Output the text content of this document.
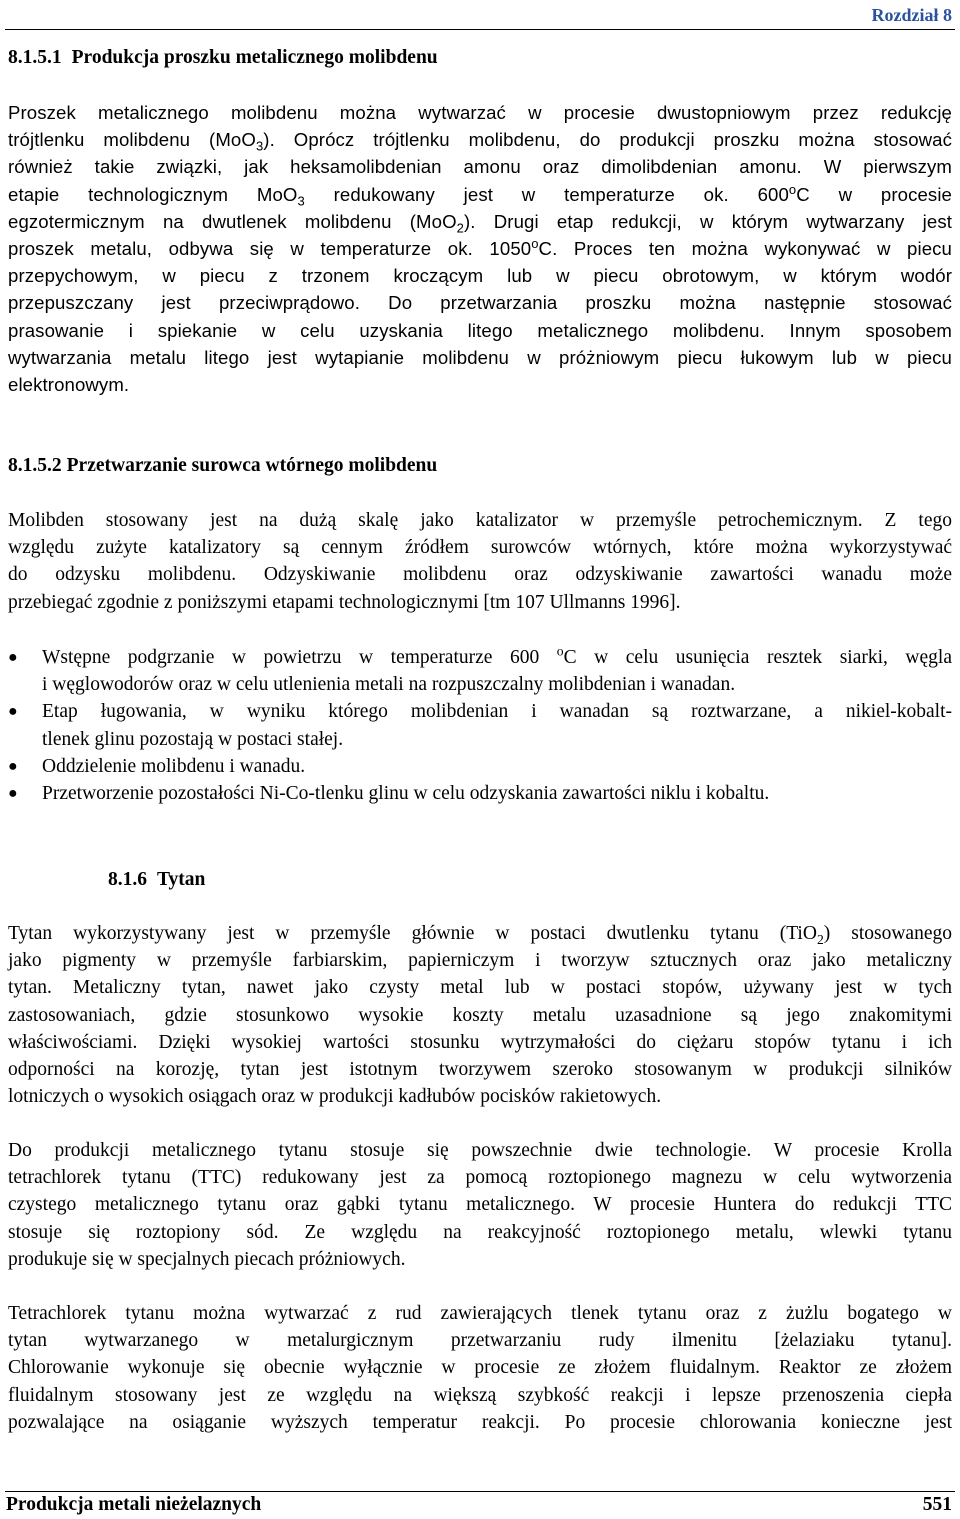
Rozdział 8
8.1.5.1 Produkcja proszku metalicznego molibdenu
Proszek metalicznego molibdenu można wytwarzać w procesie dwustopniowym przez redukcję
trójtlenku molibdenu (MoO$_3$). Oprócz trójtlenku molibdenu, do produkcji proszku można stosować
również takie związki, jak heksamolibdenian amonu oraz dimolibdenian amonu. W pierwszym
etapie technologicznym MoO$_3$ redukowany jest w temperaturze ok. 600$^o$C w procesie
egzotermicznym na dwutlenek molibdenu (MoO$_2$). Drugi etap redukcji, w którym wytwarzany jest
proszek metalu, odbywa się w temperaturze ok. 1050$^o$C. Proces ten można wykonywać w piecu
przepychowym, w piecu z trzonem kroczącym lub w piecu obrotowym, w którym wodór
przepuszczany jest przeciwprądowo. Do przetwarzania proszku można następnie stosować
prasowanie i spiekanie w celu uzyskania litego metalicznego molibdenu. Innym sposobem
wytwarzania metalu litego jest wytapianie molibdenu w próżniowym piecu łukowym lub w piecu
elektronowym.
8.1.5.2 Przetwarzanie surowca wtórnego molibdenu
Molibden stosowany jest na dużą skalę jako katalizator w przemyśle petrochemicznym. Z tego
względu zużyte katalizatory są cennym źródłem surowców wtórnych, które można wykorzystywać
do odzysku molibdenu. Odzyskiwanie molibdenu oraz odzyskiwanie zawartości wanadu może
przebiegać zgodnie z poniższymi etapami technologicznymi [tm 107 Ullmanns 1996].
●	Wstępne podgrzanie w powietrzu w temperaturze 600 $^o$C w celu usunięcia resztek siarki, węgla
i węglowodorów oraz w celu utlenienia metali na rozpuszczalny molibdenian i wanadan.
●	Etap ługowania, w wyniku którego molibdenian i wanadan są roztwarzane, a nikiel-kobalt-
tlenek glinu pozostają w postaci stałej.
●	Oddzielenie molibdenu i wanadu.
●	Przetworzenie pozostałości Ni-Co-tlenku glinu w celu odzyskania zawartości niklu i kobaltu.
8.1.6 Tytan
Tytan wykorzystywany jest w przemyśle głównie w postaci dwutlenku tytanu (TiO$_2$) stosowanego
jako pigmenty w przemyśle farbiarskim, papierniczym i tworzyw sztucznych oraz jako metaliczny
tytan. Metaliczny tytan, nawet jako czysty metal lub w postaci stopów, używany jest w tych
zastosowaniach, gdzie stosunkowo wysokie koszty metalu uzasadnione są jego znakomitymi
właściwościami. Dzięki wysokiej wartości stosunku wytrzymałości do ciężaru stopów tytanu i ich
odporności na korozję, tytan jest istotnym tworzywem szeroko stosowanym w produkcji silników
lotniczych o wysokich osiągach oraz w produkcji kadłubów pocisków rakietowych.
Do produkcji metalicznego tytanu stosuje się powszechnie dwie technologie. W procesie Krolla
tetrachlorek tytanu (TTC) redukowany jest za pomocą roztopionego magnezu w celu wytworzenia
czystego metalicznego tytanu oraz gąbki tytanu metalicznego. W procesie Huntera do redukcji TTC
stosuje się roztopiony sód. Ze względu na reakcyjność roztopionego metalu, wlewki tytanu
produkuje się w specjalnych piecach próżniowych.
Tetrachlorek tytanu można wytwarzać z rud zawierających tlenek tytanu oraz z żużlu bogatego w
tytan wytwarzanego w metalurgicznym przetwarzaniu rudy ilmenitu [żelaziaku tytanu].
Chlorowanie wykonuje się obecnie wyłącznie w procesie ze złożem fluidalnym. Reaktor ze złożem
fluidalnym stosowany jest ze względu na większą szybkość reakcji i lepsze przenoszenia ciepła
pozwalające na osiąganie wyższych temperatur reakcji. Po procesie chlorowania konieczne jest
Produkcja metali nieżelaznych	551
